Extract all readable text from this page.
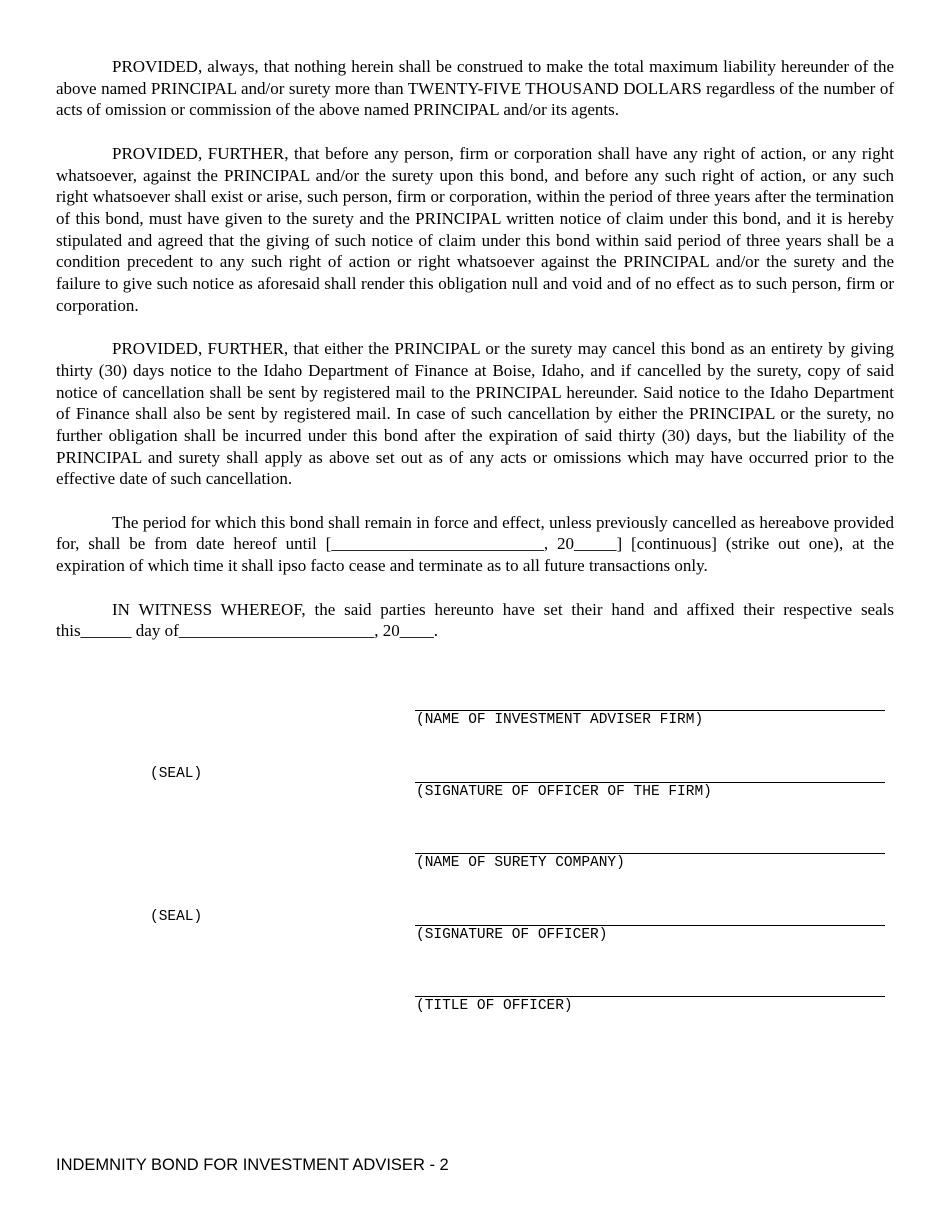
PROVIDED, always, that nothing herein shall be construed to make the total maximum liability hereunder of the above named PRINCIPAL and/or surety more than TWENTY-FIVE THOUSAND DOLLARS regardless of the number of acts of omission or commission of the above named PRINCIPAL and/or its agents.

PROVIDED, FURTHER, that before any person, firm or corporation shall have any right of action, or any right whatsoever, against the PRINCIPAL and/or the surety upon this bond, and before any such right of action, or any such right whatsoever shall exist or arise, such person, firm or corporation, within the period of three years after the termination of this bond, must have given to the surety and the PRINCIPAL written notice of claim under this bond, and it is hereby stipulated and agreed that the giving of such notice of claim under this bond within said period of three years shall be a condition precedent to any such right of action or right whatsoever against the PRINCIPAL and/or the surety and the failure to give such notice as aforesaid shall render this obligation null and void and of no effect as to such person, firm or corporation.

PROVIDED, FURTHER, that either the PRINCIPAL or the surety may cancel this bond as an entirety by giving thirty (30) days notice to the Idaho Department of Finance at Boise, Idaho, and if cancelled by the surety, copy of said notice of cancellation shall be sent by registered mail to the PRINCIPAL hereunder. Said notice to the Idaho Department of Finance shall also be sent by registered mail. In case of such cancellation by either the PRINCIPAL or the surety, no further obligation shall be incurred under this bond after the expiration of said thirty (30) days, but the liability of the PRINCIPAL and surety shall apply as above set out as of any acts or omissions which may have occurred prior to the effective date of such cancellation.

The period for which this bond shall remain in force and effect, unless previously cancelled as hereabove provided for, shall be from date hereof until [_________________________, 20_____] [continuous] (strike out one), at the expiration of which time it shall ipso facto cease and terminate as to all future transactions only.

IN WITNESS WHEREOF, the said parties hereunto have set their hand and affixed their respective seals this______ day of_______________________, 20____.

(NAME OF INVESTMENT ADVISER FIRM)
(SEAL)
(SIGNATURE OF OFFICER OF THE FIRM)
(NAME OF SURETY COMPANY)
(SEAL)
(SIGNATURE OF OFFICER)
(TITLE OF OFFICER)
INDEMNITY BOND FOR INVESTMENT ADVISER - 2
